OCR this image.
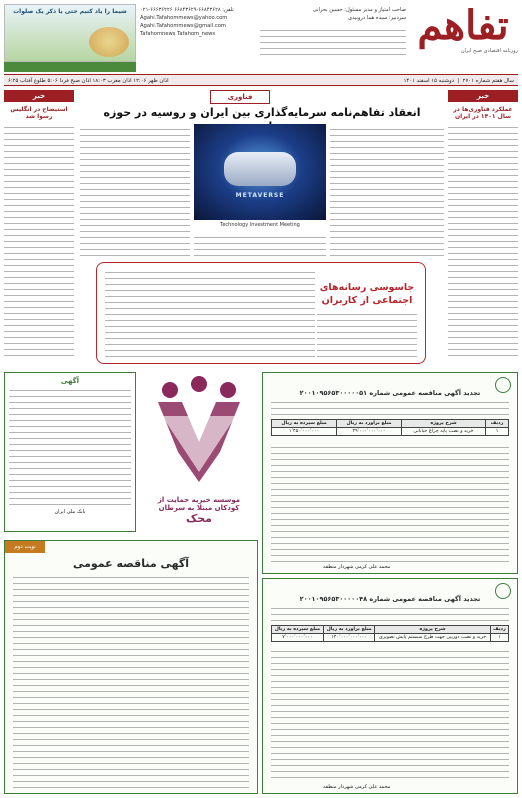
تفاهم
روزنامه اقتصادی صبح ایران
صاحب امتیاز و مدیر مسئول: حسین بحرانی
سردبیر: سیده هما دروبیدی
تلفن: ۶۶۸۴۳۶۲۸-۶۶۸۴۳۶۲۹ ۶۶۶۳۶۲۲۶-۰۲۱
Agahi.Tafahommews@yahoo.com
Agahi.Tafahommews@gmail.com
Tafahomnews Tafahom_news
شیما را یاد کنیم حتی با ذکر یک صلوات
سال هفتم شماره ۲۷۰۱  |  دوشنبه ۱۵ اسفند ۱۴۰۱
اذان ظهر ۱۲:۰۶ اذان مغرب ۱۸:۰۳ اذان صبح فردا ۵:۰۶ طلوع آفتاب ۶:۲۵
خبر
فناوری
خبر
عملکرد فناوری‌ها در سال ۱۴۰۱ در ایران
استیضاح در انگلیس رسوا شد	انعقاد تفاهم‌نامه سرمایه‌گذاری بین ایران و روسیه در حوزه
METAVERSE
Technology Investment Meeting
جاسوسی رسانه‌های
اجتماعی از کاربران
تجدید آگهی مناقصه عمومی شماره ۲۰۰۱۰۹۵۶۵۳۰۰۰۰۰۵۱
ردیف	شرح پروژه	مبلغ برآورد به ریال	مبلغ سپرده به ریال
۱	خرید و نصب پایه چراغ خیابانی	۴۹٬۰۰۰٬۰۰۰٬۰۰۰	۱٬۴۵۰٬۰۰۰٬۰۰۰
محمد علی کرمی شهردار منطقه
موسسه خیریه حمایت از
کودکان مبتلا به سرطان
محک
آگهی
بانک ملی ایران
نوبت دوم
آگهی مناقصه عمومی
تجدید آگهی مناقصه عمومی شماره ۲۰۰۱۰۹۵۶۵۳۰۰۰۰۰۴۸
ردیف	شرح پروژه	مبلغ برآورد به ریال	مبلغ سپرده به ریال
۱	خرید و نصب دوربین جهت طرح سیستم پایش تصویری	۱۴۰٬۰۰۰٬۰۰۰٬۰۰۰	۷٬۰۰۰٬۰۰۰٬۰۰۰
محمد علی کرمی شهردار منطقه
